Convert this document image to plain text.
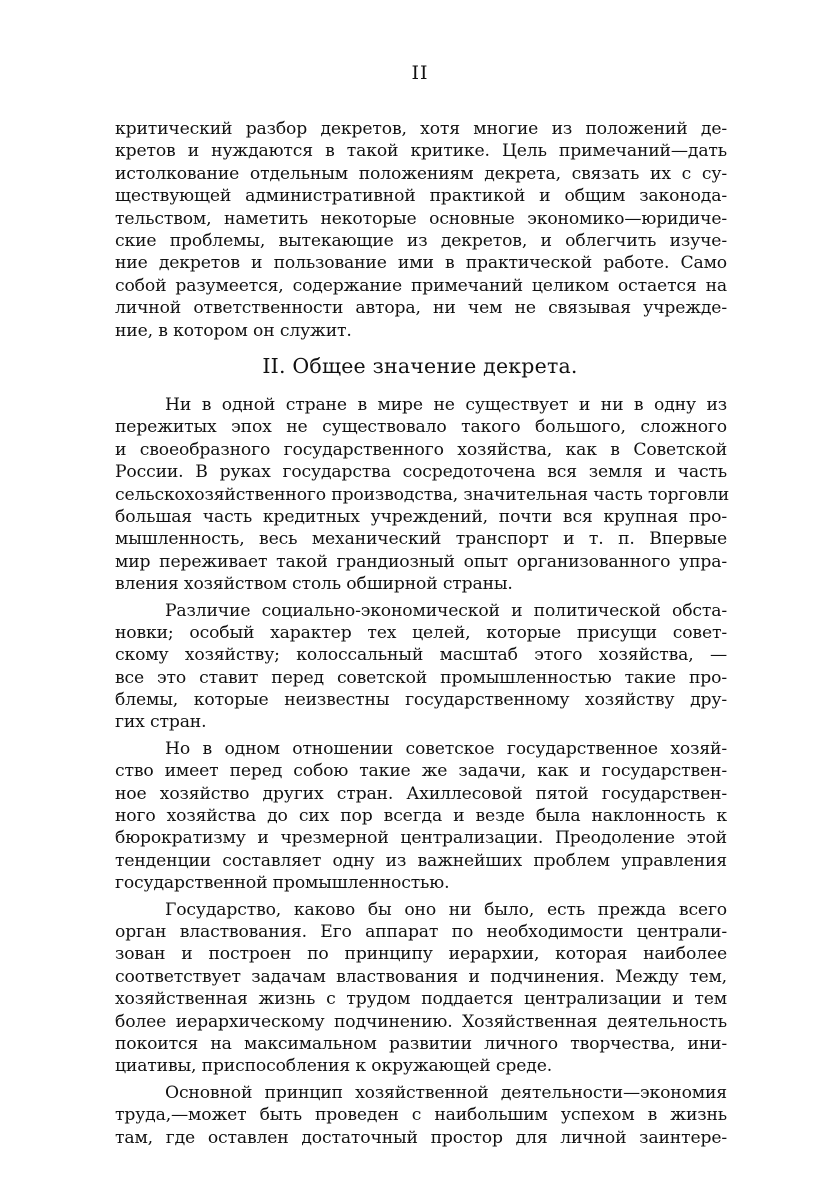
II
критический разбор декретов, хотя многие из положений де-
кретов и нуждаются в такой критике. Цель примечаний—дать
истолкование отдельным положениям декрета, связать их с су-
ществующей административной практикой и общим законода-
тельством, наметить некоторые основные экономико—юридиче-
ские проблемы, вытекающие из декретов, и облегчить изуче-
ние декретов и пользование ими в практической работе. Само
собой разумеется, содержание примечаний целиком остается на
личной ответственности автора, ни чем не связывая учрежде-
ние, в котором он служит.
II. Общее значение декрета.
Ни в одной стране в мире не существует и ни в одну из
пережитых эпох не существовало такого большого, сложного
и своеобразного государственного хозяйства, как в Советской
России. В руках государства сосредоточена вся земля и часть
сельскохозяйственного производства, значительная часть торговли
большая часть кредитных учреждений, почти вся крупная про-
мышленность, весь механический транспорт и т. п. Впервые
мир переживает такой грандиозный опыт организованного упра-
вления хозяйством столь обширной страны.
Различие социально-экономической и политической обста-
новки; особый характер тех целей, которые присущи совет-
скому хозяйству; колоссальный масштаб этого хозяйства, —
все это ставит перед советской промышленностью такие про-
блемы, которые неизвестны государственному хозяйству дру-
гих стран.
Но в одном отношении советское государственное хозяй-
ство имеет перед собою такие же задачи, как и государствен-
ное хозяйство других стран. Ахиллесовой пятой государствен-
ного хозяйства до сих пор всегда и везде была наклонность к
бюрократизму и чрезмерной централизации. Преодоление этой
тенденции составляет одну из важнейших проблем управления
государственной промышленностью.
Государство, каково бы оно ни было, есть прежда всего
орган властвования. Его аппарат по необходимости централи-
зован и построен по принципу иерархии, которая наиболее
соответствует задачам властвования и подчинения. Между тем,
хозяйственная жизнь с трудом поддается централизации и тем
более иерархическому подчинению. Хозяйственная деятельность
покоится на максимальном развитии личного творчества, ини-
циативы, приспособления к окружающей среде.
Основной принцип хозяйственной деятельности—экономия
труда,—может быть проведен с наибольшим успехом в жизнь
там, где оставлен достаточный простор для личной заинтере-
